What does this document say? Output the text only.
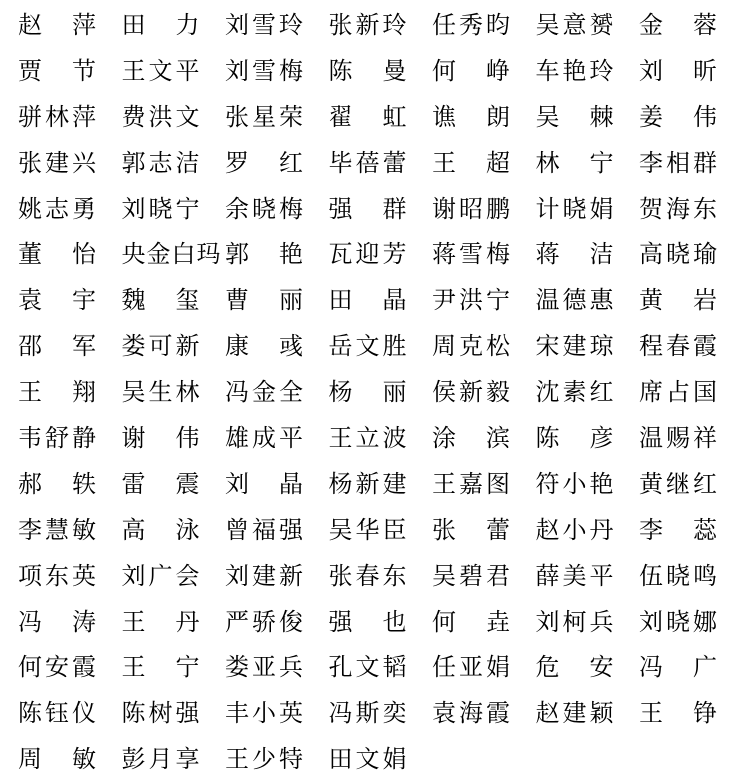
赵 萍 田 力 刘 雪 玲 张 新 玲 任 秀 昀 吴 意 赟 金 蓉
贾 节 王 文 平 刘 雪 梅 陈 曼 何 峥 车 艳 玲 刘 昕
骈 林 萍 费 洪 文 张 星 荣 翟 虹 谯 朗 吴 棘 姜 伟
张 建 兴 郭 志 洁 罗 红 毕 蓓 蕾 王 超 林 宁 李 相 群
姚 志 勇 刘 晓 宁 余 晓 梅 强 群 谢 昭 鹏 计 晓 娟 贺 海 东
董 怡 央 金 白 玛 郭 艳 瓦 迎 芳 蒋 雪 梅 蒋 洁 高 晓 瑜
袁 宇 魏 玺 曹 丽 田 晶 尹 洪 宁 温 德 惠 黄 岩
邵 军 娄 可 新 康 彧 岳 文 胜 周 克 松 宋 建 琼 程 春 霞
王 翔 吴 生 林 冯 金 全 杨 丽 侯 新 毅 沈 素 红 席 占 国
韦 舒 静 谢 伟 雄 成 平 王 立 波 涂 滨 陈 彦 温 赐 祥
郝 轶 雷 震 刘 晶 杨 新 建 王 嘉 图 符 小 艳 黄 继 红
李 慧 敏 高 泳 曾 福 强 吴 华 臣 张 蕾 赵 小 丹 李 蕊
项 东 英 刘 广 会 刘 建 新 张 春 东 吴 碧 君 薛 美 平 伍 晓 鸣
冯 涛 王 丹 严 骄 俊 强 也 何 垚 刘 柯 兵 刘 晓 娜
何 安 霞 王 宁 娄 亚 兵 孔 文 韬 任 亚 娟 危 安 冯 广
陈 钰 仪 陈 树 强 丰 小 英 冯 斯 奕 袁 海 霞 赵 建 颖 王 铮
周 敏 彭 月 享 王 少 特 田 文 娟
